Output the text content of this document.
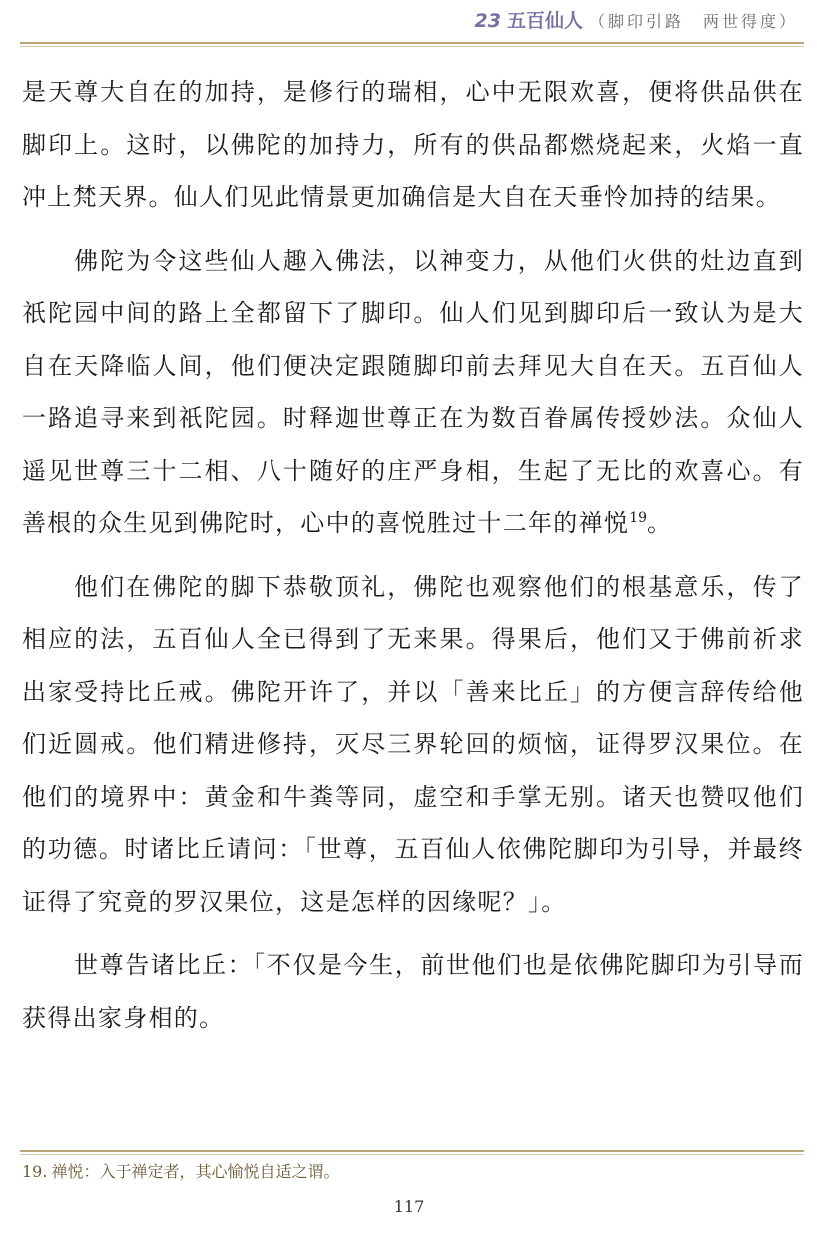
23 五百仙人 （脚印引路　两世得度）

是天尊大自在的加持，是修行的瑞相，心中无限欢喜，便将供品供在脚印上。这时，以佛陀的加持力，所有的供品都燃烧起来，火焰一直冲上梵天界。仙人们见此情景更加确信是大自在天垂怜加持的结果。

佛陀为令这些仙人趣入佛法，以神变力，从他们火供的灶边直到祇陀园中间的路上全都留下了脚印。仙人们见到脚印后一致认为是大自在天降临人间，他们便决定跟随脚印前去拜见大自在天。五百仙人一路追寻来到祇陀园。时释迦世尊正在为数百眷属传授妙法。众仙人遥见世尊三十二相、八十随好的庄严身相，生起了无比的欢喜心。有善根的众生见到佛陀时，心中的喜悦胜过十二年的禅悦$^{19}$。

他们在佛陀的脚下恭敬顶礼，佛陀也观察他们的根基意乐，传了相应的法，五百仙人全已得到了无来果。得果后，他们又于佛前祈求出家受持比丘戒。佛陀开许了，并以「善来比丘」的方便言辞传给他们近圆戒。他们精进修持，灭尽三界轮回的烦恼，证得罗汉果位。在他们的境界中：黄金和牛粪等同，虚空和手掌无别。诸天也赞叹他们的功德。时诸比丘请问：「世尊，五百仙人依佛陀脚印为引导，并最终证得了究竟的罗汉果位，这是怎样的因缘呢？」。

世尊告诸比丘：「不仅是今生，前世他们也是依佛陀脚印为引导而获得出家身相的。

19. 禅悦：入于禅定者，其心愉悦自适之谓。
117
